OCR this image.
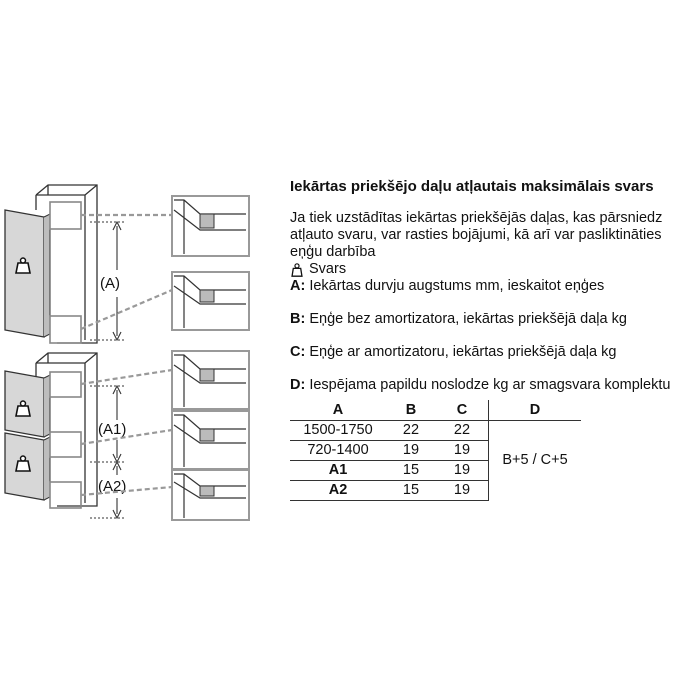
(A)
(A1)
(A2)

Iekārtas priekšējo daļu atļautais maksimālais svars

Ja tiek uzstādītas iekārtas priekšējās daļas, kas pārsniedz atļauto svaru, var rasties bojājumi, kā arī var pasliktināties eņģu darbība

Svars

A: Iekārtas durvju augstums mm, ieskaitot eņģes

B: Eņģe bez amortizatora, iekārtas priekšējā daļa kg

C: Eņģe ar amortizatoru, iekārtas priekšējā daļa kg

D: Iespējama papildu noslodze kg ar smagsvara komplektu

A	B	C	D
1500-1750	22	22	B+5 / C+5
720-1400	19	19	
A1	15	19	
A2	15	19	
